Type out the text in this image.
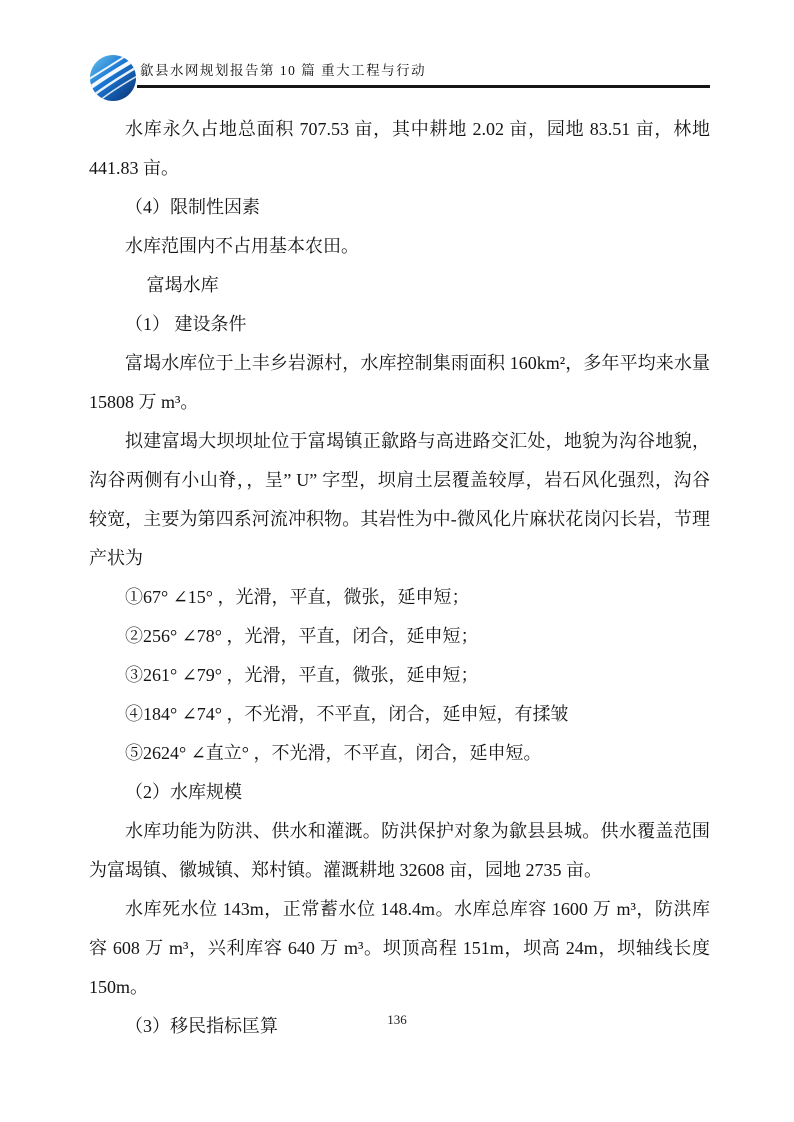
歙县水网规划报告第 10 篇 重大工程与行动

水库永久占地总面积 707.53 亩，其中耕地 2.02 亩，园地 83.51 亩，林地 441.83 亩。

（4）限制性因素

水库范围内不占用基本农田。

富堨水库

（1） 建设条件

富堨水库位于上丰乡岩源村，水库控制集雨面积 160km²，多年平均来水量 15808 万 m³。

拟建富堨大坝坝址位于富堨镇正歙路与高进路交汇处，地貌为沟谷地貌，沟谷两侧有小山脊，，呈” U” 字型，坝肩土层覆盖较厚，岩石风化强烈，沟谷较宽，主要为第四系河流冲积物。其岩性为中-微风化片麻状花岗闪长岩，节理产状为

①67° ∠15° ，光滑，平直，微张，延申短；

②256° ∠78° ，光滑，平直，闭合，延申短；

③261° ∠79° ，光滑，平直，微张，延申短；

④184° ∠74° ，不光滑，不平直，闭合，延申短，有揉皱

⑤2624° ∠直立° ，不光滑，不平直，闭合，延申短。

（2）水库规模

水库功能为防洪、供水和灌溉。防洪保护对象为歙县县城。供水覆盖范围为富堨镇、徽城镇、郑村镇。灌溉耕地 32608 亩，园地 2735 亩。

水库死水位 143m，正常蓄水位 148.4m。水库总库容 1600 万 m³，防洪库容 608 万 m³，兴利库容 640 万 m³。坝顶高程 151m，坝高 24m，坝轴线长度 150m。

（3）移民指标匡算	136
